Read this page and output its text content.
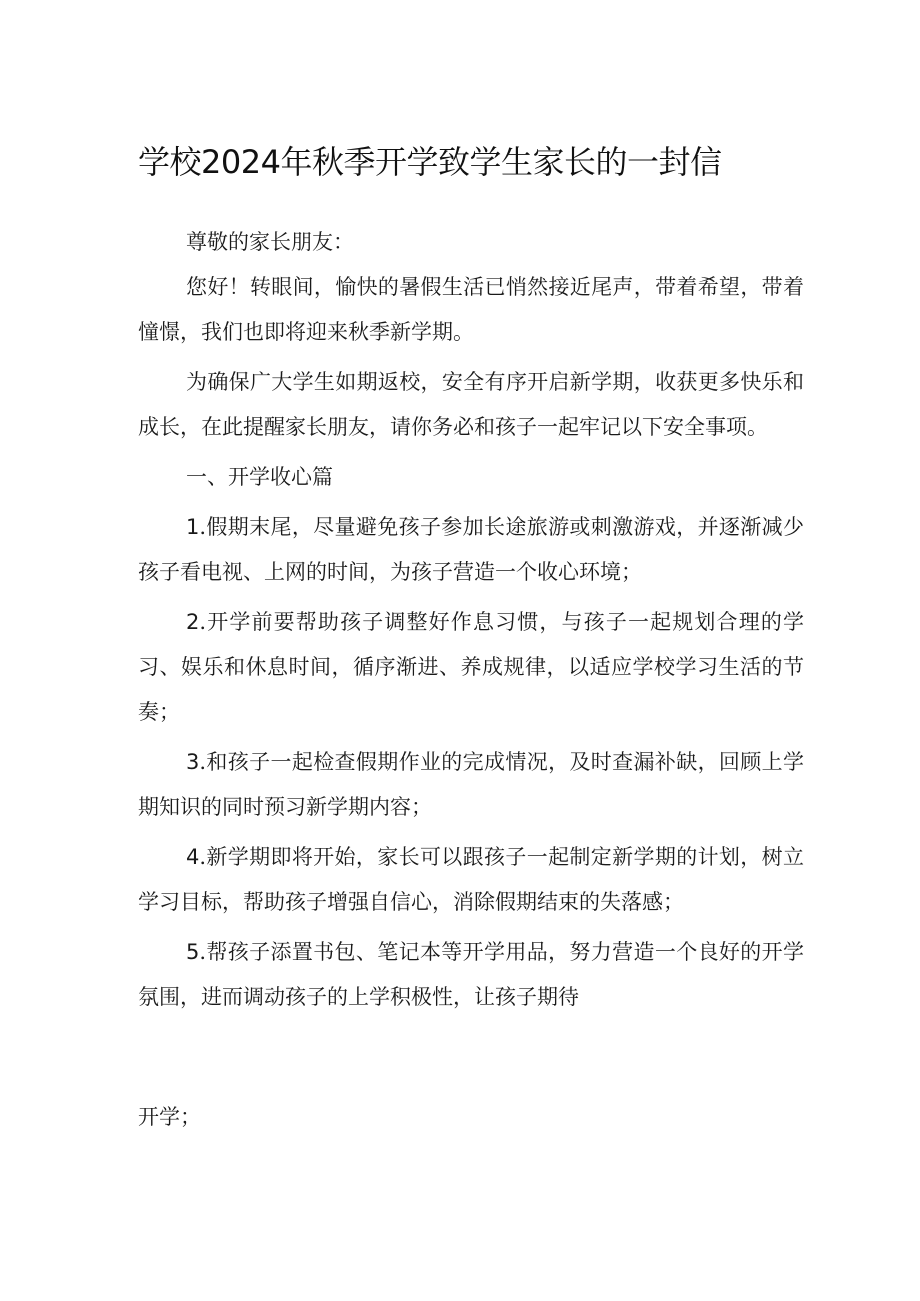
学校2024年秋季开学致学生家长的一封信

尊敬的家长朋友：

您好！转眼间，愉快的暑假生活已悄然接近尾声，带着希望，带着憧憬，我们也即将迎来秋季新学期。

为确保广大学生如期返校，安全有序开启新学期，收获更多快乐和成长，在此提醒家长朋友，请你务必和孩子一起牢记以下安全事项。

一、开学收心篇

1.假期末尾，尽量避免孩子参加长途旅游或刺激游戏，并逐渐减少孩子看电视、上网的时间，为孩子营造一个收心环境；

2.开学前要帮助孩子调整好作息习惯，与孩子一起规划合理的学习、娱乐和休息时间，循序渐进、养成规律，以适应学校学习生活的节奏；

3.和孩子一起检查假期作业的完成情况，及时查漏补缺，回顾上学期知识的同时预习新学期内容；

4.新学期即将开始，家长可以跟孩子一起制定新学期的计划，树立学习目标，帮助孩子增强自信心，消除假期结束的失落感；

5.帮孩子添置书包、笔记本等开学用品，努力营造一个良好的开学氛围，进而调动孩子的上学积极性，让孩子期待

开学；
